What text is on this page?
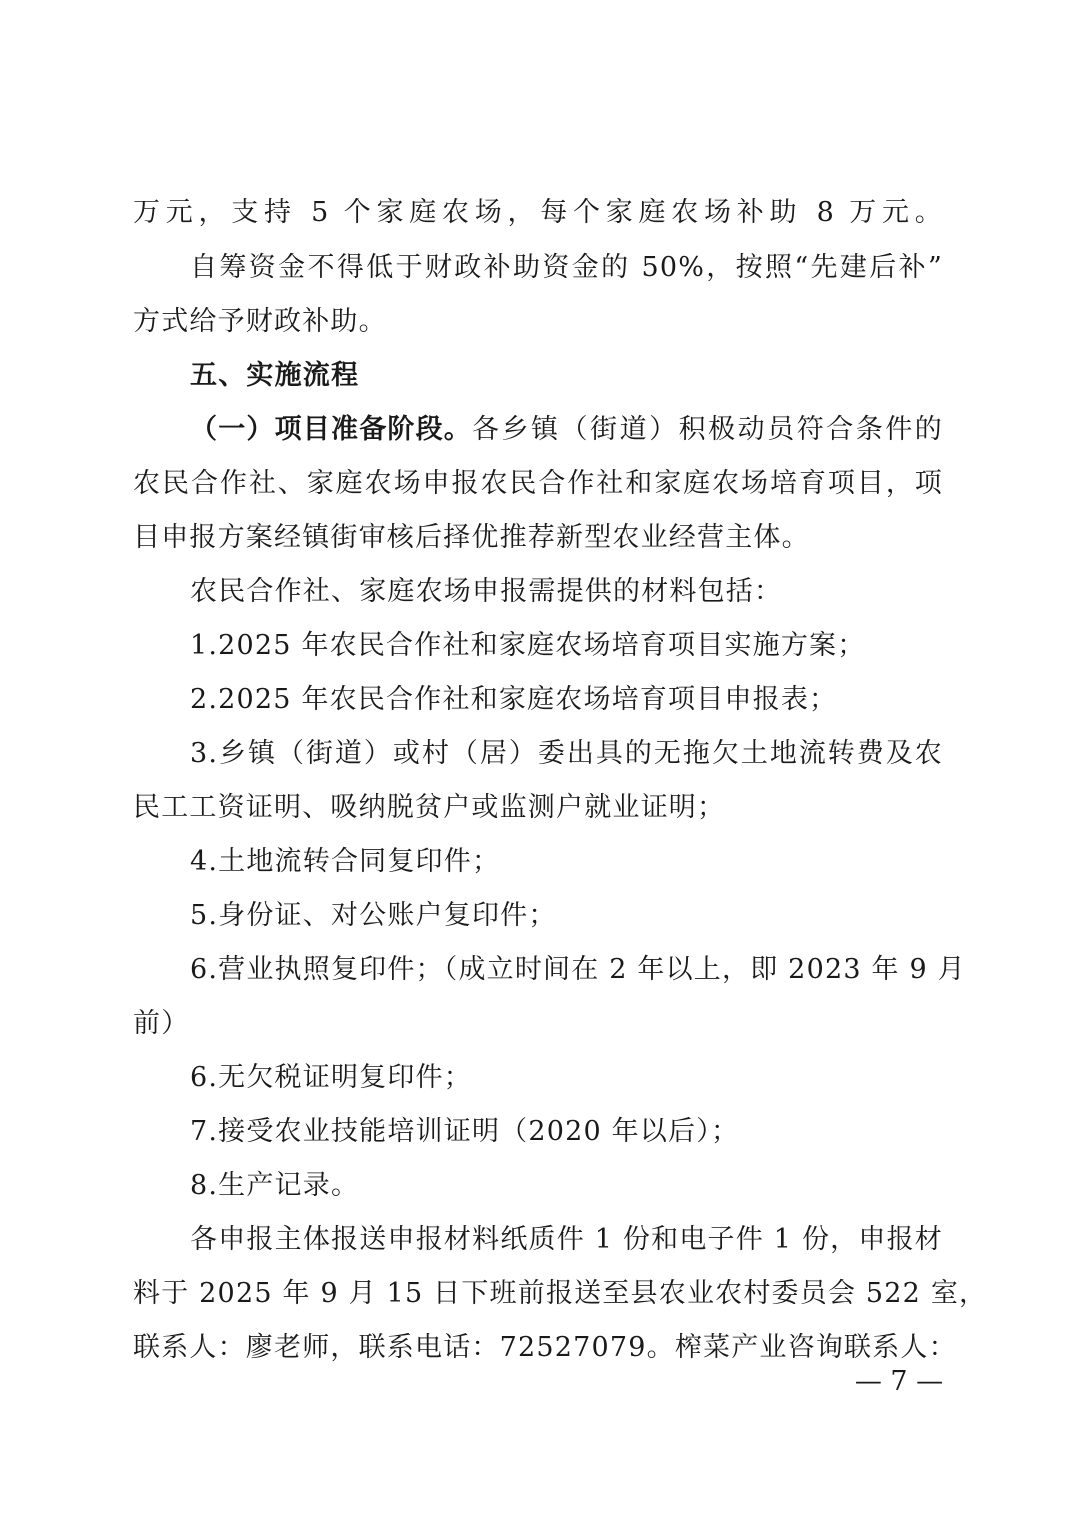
万元，支持 5 个家庭农场，每个家庭农场补助 8 万元。
自筹资金不得低于财政补助资金的 50%，按照“先建后补”
方式给予财政补助。
五、实施流程
（一）项目准备阶段。 各乡镇（街道）积极动员符合条件的
农民合作社、家庭农场申报农民合作社和家庭农场培育项目，项
目申报方案经镇街审核后择优推荐新型农业经营主体。
农民合作社、家庭农场申报需提供的材料包括：
1.2025 年农民合作社和家庭农场培育项目实施方案；
2.2025 年农民合作社和家庭农场培育项目申报表；
3.乡镇（街道）或村（居）委出具的无拖欠土地流转费及农
民工工资证明、吸纳脱贫户或监测户就业证明；
4.土地流转合同复印件；
5.身份证、对公账户复印件；
6.营业执照复印件；（成立时间在 2 年以上，即 2023 年 9 月
前）
6.无欠税证明复印件；
7.接受农业技能培训证明（2020 年以后）；
8.生产记录。
各申报主体报送申报材料纸质件 1 份和电子件 1 份，申报材
料于 2025 年 9 月 15 日下班前报送至县农业农村委员会 522 室，
联系人：廖老师，联系电话：72527079。榨菜产业咨询联系人：
— 7 —
